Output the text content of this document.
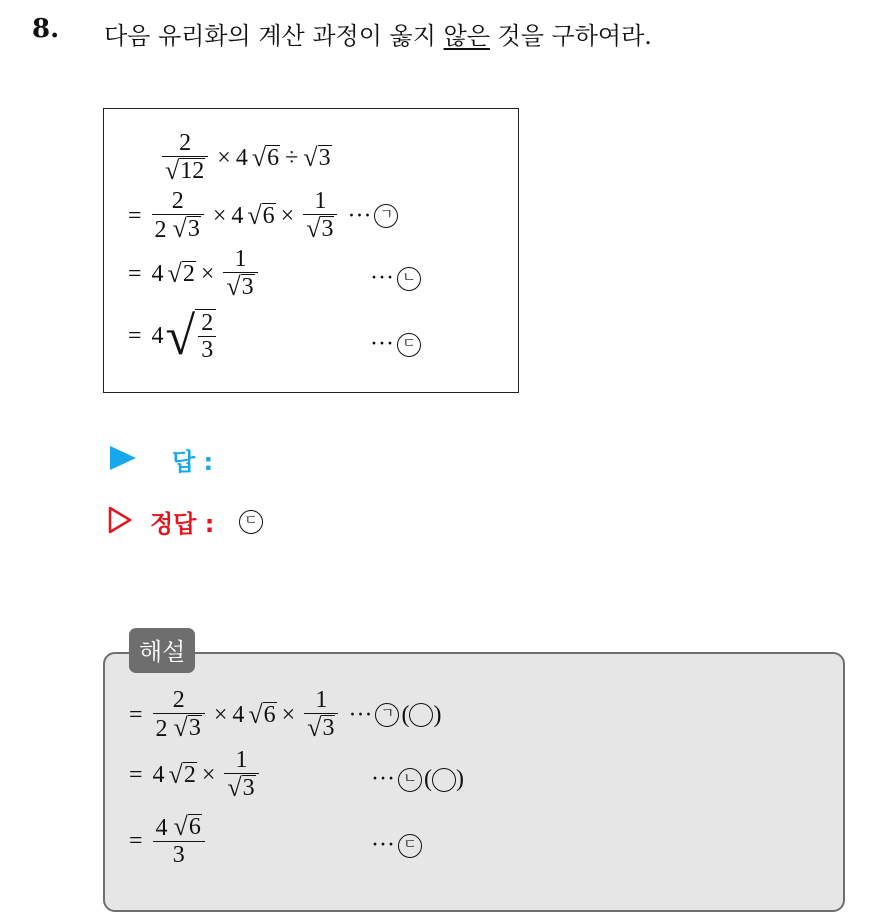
8. 다음 유리화의 계산 과정이 옳지 않은 것을 구하여라.
$\frac{2}{√ 12} \times 4$ √ 6 ÷ √ 3
= $\frac{2}{2 √ 3} \times 4$ √ $6 \times \frac{1}{√ 3}$ ··· ㄱ
= 4 √ $2 \times \frac{1}{√ 3}$	··· ㄴ
= 4 √ $\frac{2}{3}$	··· ㄷ
답 :
정답 :	ㄷ
= $\frac{2}{2 √ 3} \times 4$ √ $6 \times \frac{1}{√ 3}$ ··· ㄱ ( )
= 4 √ $2 \times \frac{1}{√ 3}$	··· ㄴ ( )
= $\frac{4 √ 6}{3}$	··· ㄷ
해설
